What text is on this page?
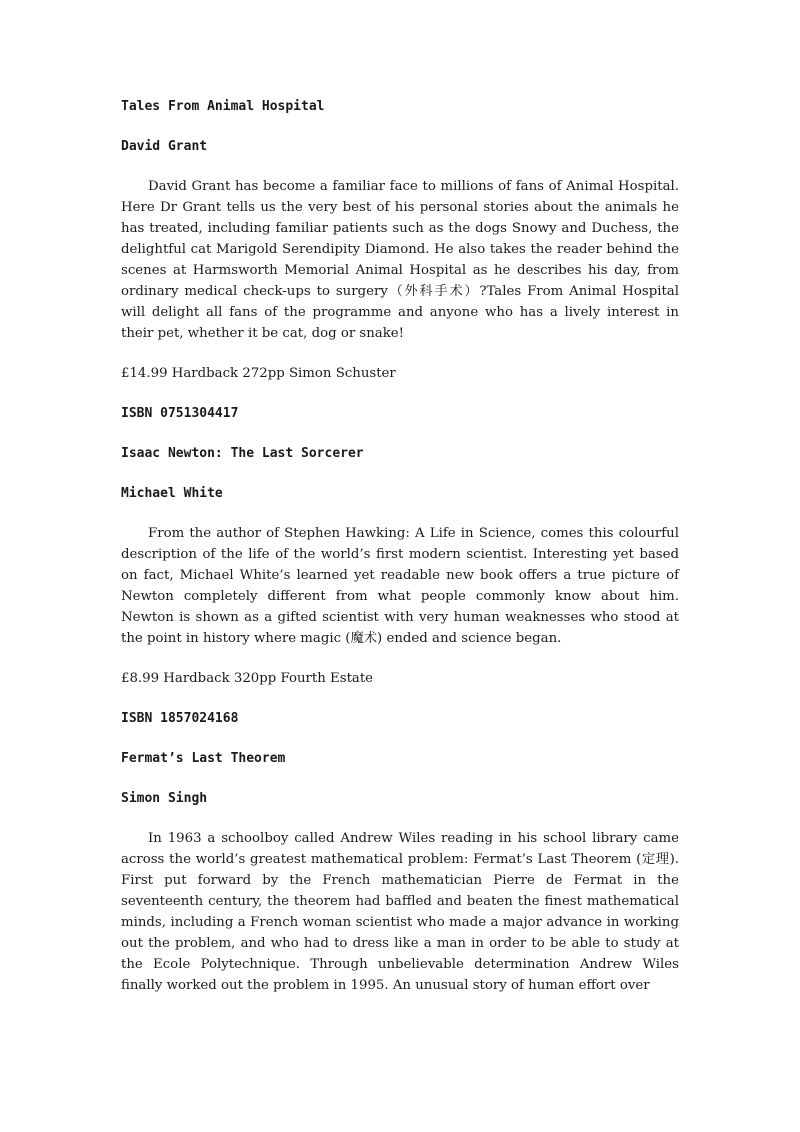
Tales From Animal Hospital

David Grant

David Grant has become a familiar face to millions of fans of Animal Hospital. Here Dr Grant tells us the very best of his personal stories about the animals he has treated, including familiar patients such as the dogs Snowy and Duchess, the delightful cat Marigold Serendipity Diamond. He also takes the reader behind the scenes at Harmsworth Memorial Animal Hospital as he describes his day, from ordinary medical check-ups to surgery（外科手术）?Tales From Animal Hospital will delight all fans of the programme and anyone who has a lively interest in their pet, whether it be cat, dog or snake!

£14.99 Hardback 272pp Simon Schuster

ISBN 0751304417

Isaac Newton: The Last Sorcerer

Michael White

From the author of Stephen Hawking: A Life in Science, comes this colourful description of the life of the world’s first modern scientist. Interesting yet based on fact, Michael White’s learned yet readable new book offers a true picture of Newton completely different from what people commonly know about him. Newton is shown as a gifted scientist with very human weaknesses who stood at the point in history where magic (魔术) ended and science began.

£8.99 Hardback 320pp Fourth Estate

ISBN 1857024168

Fermat’s Last Theorem

Simon Singh

In 1963 a schoolboy called Andrew Wiles reading in his school library came across the world’s greatest mathematical problem: Fermat’s Last Theorem (定理). First put forward by the French mathematician Pierre de Fermat in the seventeenth century, the theorem had baffled and beaten the finest mathematical minds, including a French woman scientist who made a major advance in working out the problem, and who had to dress like a man in order to be able to study at the Ecole Polytechnique. Through unbelievable determination Andrew Wiles finally worked out the problem in 1995. An unusual story of human effort over
